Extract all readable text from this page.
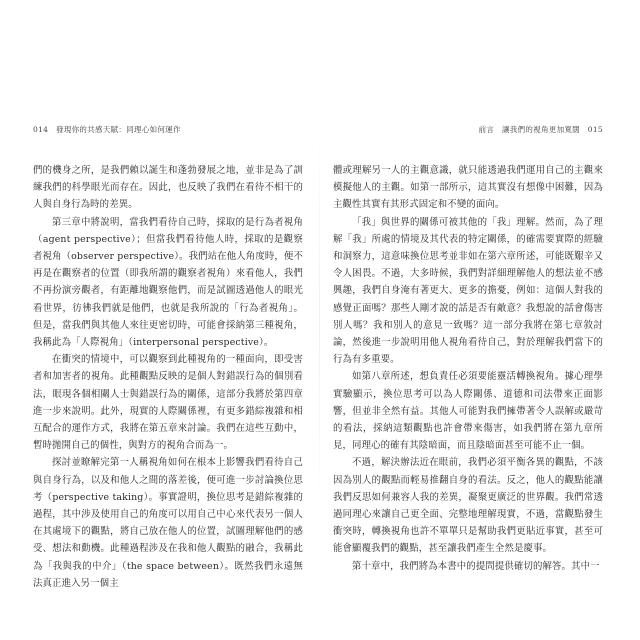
014　發現你的共感天賦：同理心如何運作

們的機身之所，是我們賴以誕生和蓬勃發展之地，並非是為了訓練我們的科學眼光而存在。因此，也反映了我們在看待不相干的人與自身行為時的差異。

第三章中將說明，當我們看待自己時，採取的是行為者視角（agent perspective）；但當我們看待他人時，採取的是觀察者視角（observer perspective）。我們站在他人角度時，便不再是在觀察者的位置（即我所謂的觀察者視角）來看他人，我們不再扮演旁觀者，有距離地觀察他們，而是試圖透過他人的眼光看世界，彷彿我們就是他們，也就是我所說的「行為者視角」。但是，當我們與其他人來往更密切時，可能會採納第三種視角，我稱此為「人際視角」（interpersonal perspective）。

在衝突的情境中，可以觀察到此種視角的一種面向，即受害者和加害者的視角。此種觀點反映的是個人對錯誤行為的個別看法，眼現各個相關人士與錯誤行為的關係，這部分我將於第四章進一步來說明。此外，現實的人際關係裡，有更多錯綜複雜和相互配合的運作方式，我將在第五章來討論。我們在這些互動中，暫時拋開自己的個性，與對方的視角合而為一。

探討並瞭解完第一人稱視角如何在根本上影響我們看待自己與自身行為，以及和他人之間的落差後，便可進一步討論換位思考（perspective taking）。事實證明，換位思考是錯綜複雜的過程，其中涉及使用自己的角度可以用自己中心來代表另一個人在其處境下的觀點，將自己放在他人的位置，試圖理解他們的感受、想法和動機。此種過程涉及在我和他人觀點的融合，我稱此為「我與我的中介」（the space between）。既然我們永遠無法真正進入另一個主

前言　讓我們的視角更加寬闊　015

體或理解另一人的主觀意識，就只能透過我們運用自己的主觀來模擬他人的主觀。如第一部所示，這其實沒有想像中困難，因為主觀性其實有其形式固定和不變的面向。

「我」與世界的關係可被其他的「我」理解。然而，為了理解「我」所處的情境及其代表的特定關係，的確需要實際的經驗和洞察力，這意味換位思考並非如在第六章所述，可能既艱辛又令人困畏。不過，大多時候，我們對詳細理解他人的想法並不感興趣，我們自身淹有著更大、更多的擔憂，例如：這個人對我的感覺正面嗎？那些人剛才說的話是否有敵意？我想說的話會傷害別人嗎？我和別人的意見一致嗎？這一部分我將在第七章敘討論，然後進一步說明用他人視角看待自己，對於理解我們當下的行為有多重要。

如第八章所述，想負責任必須要能靈活轉換視角。據心理學實驗顯示，換位思考可以為人際關係、道德和司法帶來正面影響，但並非全然有益。其他人可能對我們擁帶著令人誤解或嚴苛的看法，採納這類觀點也許會帶來傷害，如我們將在第九章所見，同理心的確有其陰暗面，而且陰暗面甚至可能不止一個。

不過，解決辦法近在眼前，我們必須平衡各異的觀點，不該因為別人的觀點而輕易推翻自身的看法。反之，他人的觀點能讓我們反思如何兼容人我的差異，凝聚更廣泛的世界觀。我們常透過同理心來讓自己更全面、完整地理解現實，不過，當觀點發生衝突時，轉換視角也許不單單只是幫助我們更貼近事實，甚至可能會顯覆我們的觀點，甚至讓我們產生全然是慶事。

第十章中，我們將為本書中的提問提供確切的解答。其中一
